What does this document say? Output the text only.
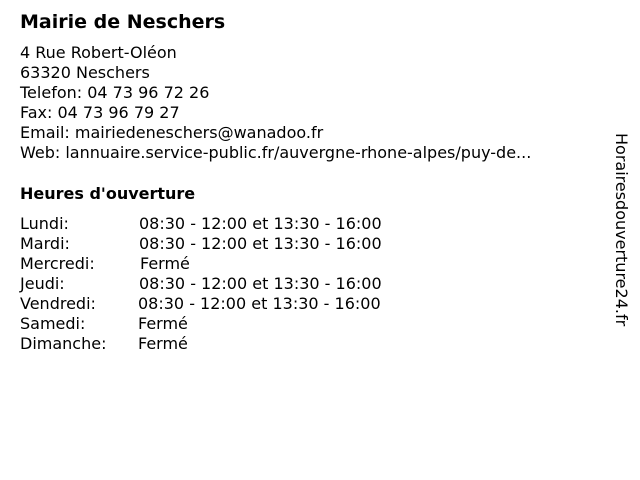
Mairie de Neschers
4 Rue Robert-Oléon
63320 Neschers
Telefon: 04 73 96 72 26
Fax: 04 73 96 79 27
Email: mairiedeneschers@wanadoo.fr
Web: lannuaire.service-public.fr/auvergne-rhone-alpes/puy-de...
Heures d'ouverture
Lundi:	08:30 - 12:00 et 13:30 - 16:00
Mardi:	08:30 - 12:00 et 13:30 - 16:00
Mercredi:	Fermé
Jeudi:	08:30 - 12:00 et 13:30 - 16:00
Vendredi:	08:30 - 12:00 et 13:30 - 16:00
Samedi:	Fermé
Dimanche: Fermé
Horairesdouverture24.fr
